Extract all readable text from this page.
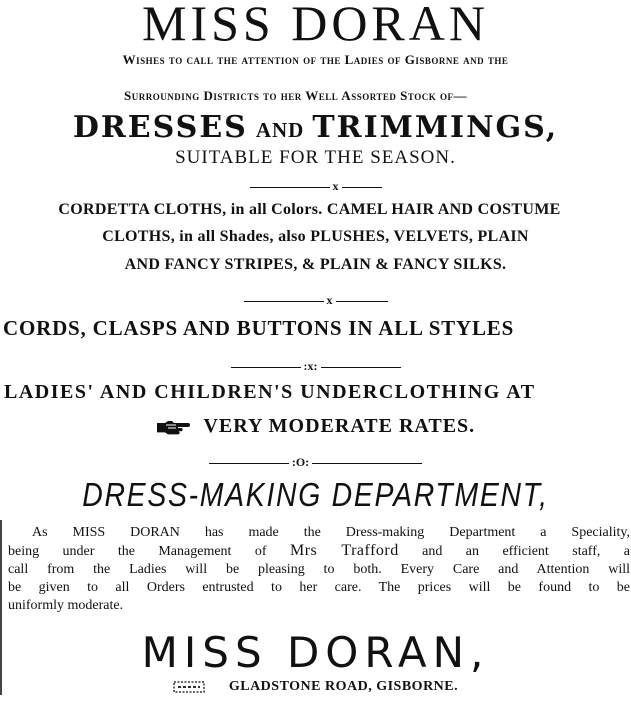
MISS DORAN
Wishes to call the attention of the Ladies of Gisborne and the
Surrounding Districts to her Well Assorted Stock of—
DRESSES AND TRIMMINGS,
SUITABLE FOR THE SEASON.
x
CORDETTA CLOTHS, in all Colors. CAMEL HAIR AND COSTUME
CLOTHS, in all Shades, also PLUSHES, VELVETS, PLAIN
AND FANCY STRIPES, & PLAIN & FANCY SILKS.
x
CORDS, CLASPS AND BUTTONS IN ALL STYLES
:x:
LADIES' AND CHILDREN'S UNDERCLOTHING AT
VERY MODERATE RATES.
:O:
DRESS-MAKING DEPARTMENT,
As MISS DORAN has made the Dress-making Department a Speciality,
being under the Management of Mrs Trafford and an efficient staff, a
call from the Ladies will be pleasing to both. Every Care and Attention will
be given to all Orders entrusted to her care. The prices will be found to be
uniformly moderate.
MISS DORAN,
GLADSTONE ROAD, GISBORNE.
